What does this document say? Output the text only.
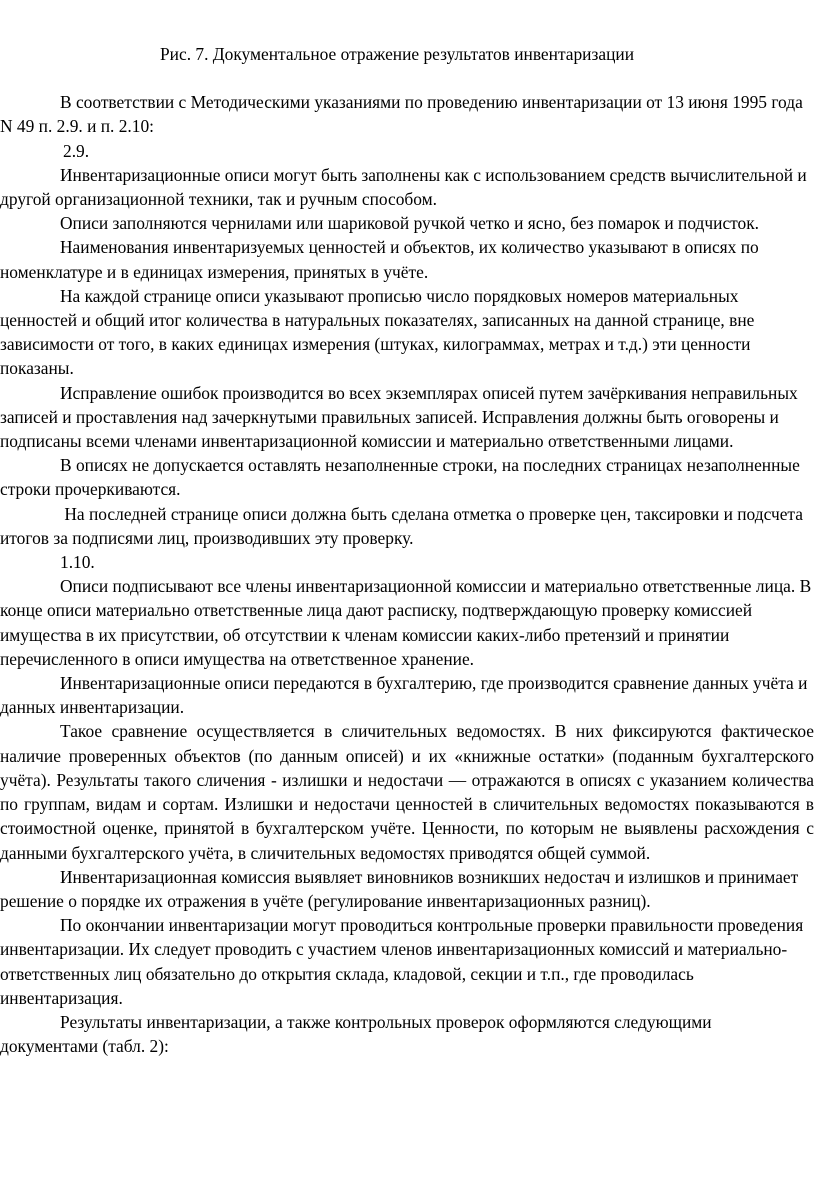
Рис. 7. Документальное отражение результатов инвентаризации

В соответствии с Методическими указаниями по проведению инвентаризации от 13 июня 1995 года N 49 п. 2.9. и п. 2.10:

2.9.

Инвентаризационные описи могут быть заполнены как с использованием средств вычислительной и другой организационной техники, так и ручным способом.

Описи заполняются чернилами или шариковой ручкой четко и ясно, без помарок и подчисток.

Наименования инвентаризуемых ценностей и объектов, их количество указывают в описях по номенклатуре и в единицах измерения, принятых в учёте.

На каждой странице описи указывают прописью число порядковых номеров материальных ценностей и общий итог количества в натуральных показателях, записанных на данной странице, вне зависимости от того, в каких единицах измерения (штуках, килограммах, метрах и т.д.) эти ценности показаны.

Исправление ошибок производится во всех экземплярах описей путем зачёркивания неправильных записей и проставления над зачеркнутыми правильных записей. Исправления должны быть оговорены и подписаны всеми членами инвентаризационной комиссии и материально ответственными лицами.

В описях не допускается оставлять незаполненные строки, на последних страницах незаполненные строки прочеркиваются.

На последней странице описи должна быть сделана отметка о проверке цен, таксировки и подсчета итогов за подписями лиц, производивших эту проверку.

1.10.

Описи подписывают все члены инвентаризационной комиссии и материально ответственные лица. В конце описи материально ответственные лица дают расписку, подтверждающую проверку комиссией имущества в их присутствии, об отсутствии к членам комиссии каких-либо претензий и принятии перечисленного в описи имущества на ответственное хранение.

Инвентаризационные описи передаются в бухгалтерию, где производится сравнение данных учёта и данных инвентаризации.

Такое сравнение осуществляется в сличительных ведомостях. В них фиксируются фактическое наличие проверенных объектов (по данным описей) и их «книжные остатки» (поданным бухгалтерского учёта). Результаты такого сличения - излишки и недостачи — отражаются в описях с указанием количества по группам, видам и сортам. Излишки и недостачи ценностей в сличительных ведомостях показываются в стоимостной оценке, принятой в бухгалтерском учёте. Ценности, по которым не выявлены расхождения с данными бухгалтерского учёта, в сличительных ведомостях приводятся общей суммой.

Инвентаризационная комиссия выявляет виновников возникших недостач и излишков и принимает решение о порядке их отражения в учёте (регулирование инвентаризационных разниц).

По окончании инвентаризации могут проводиться контрольные проверки правильности проведения инвентаризации. Их следует проводить с участием членов инвентаризационных комиссий и материально-ответственных лиц обязательно до открытия склада, кладовой, секции и т.п., где проводилась инвентаризация.

Результаты инвентаризации, а также контрольных проверок оформляются следующими документами (табл. 2):
